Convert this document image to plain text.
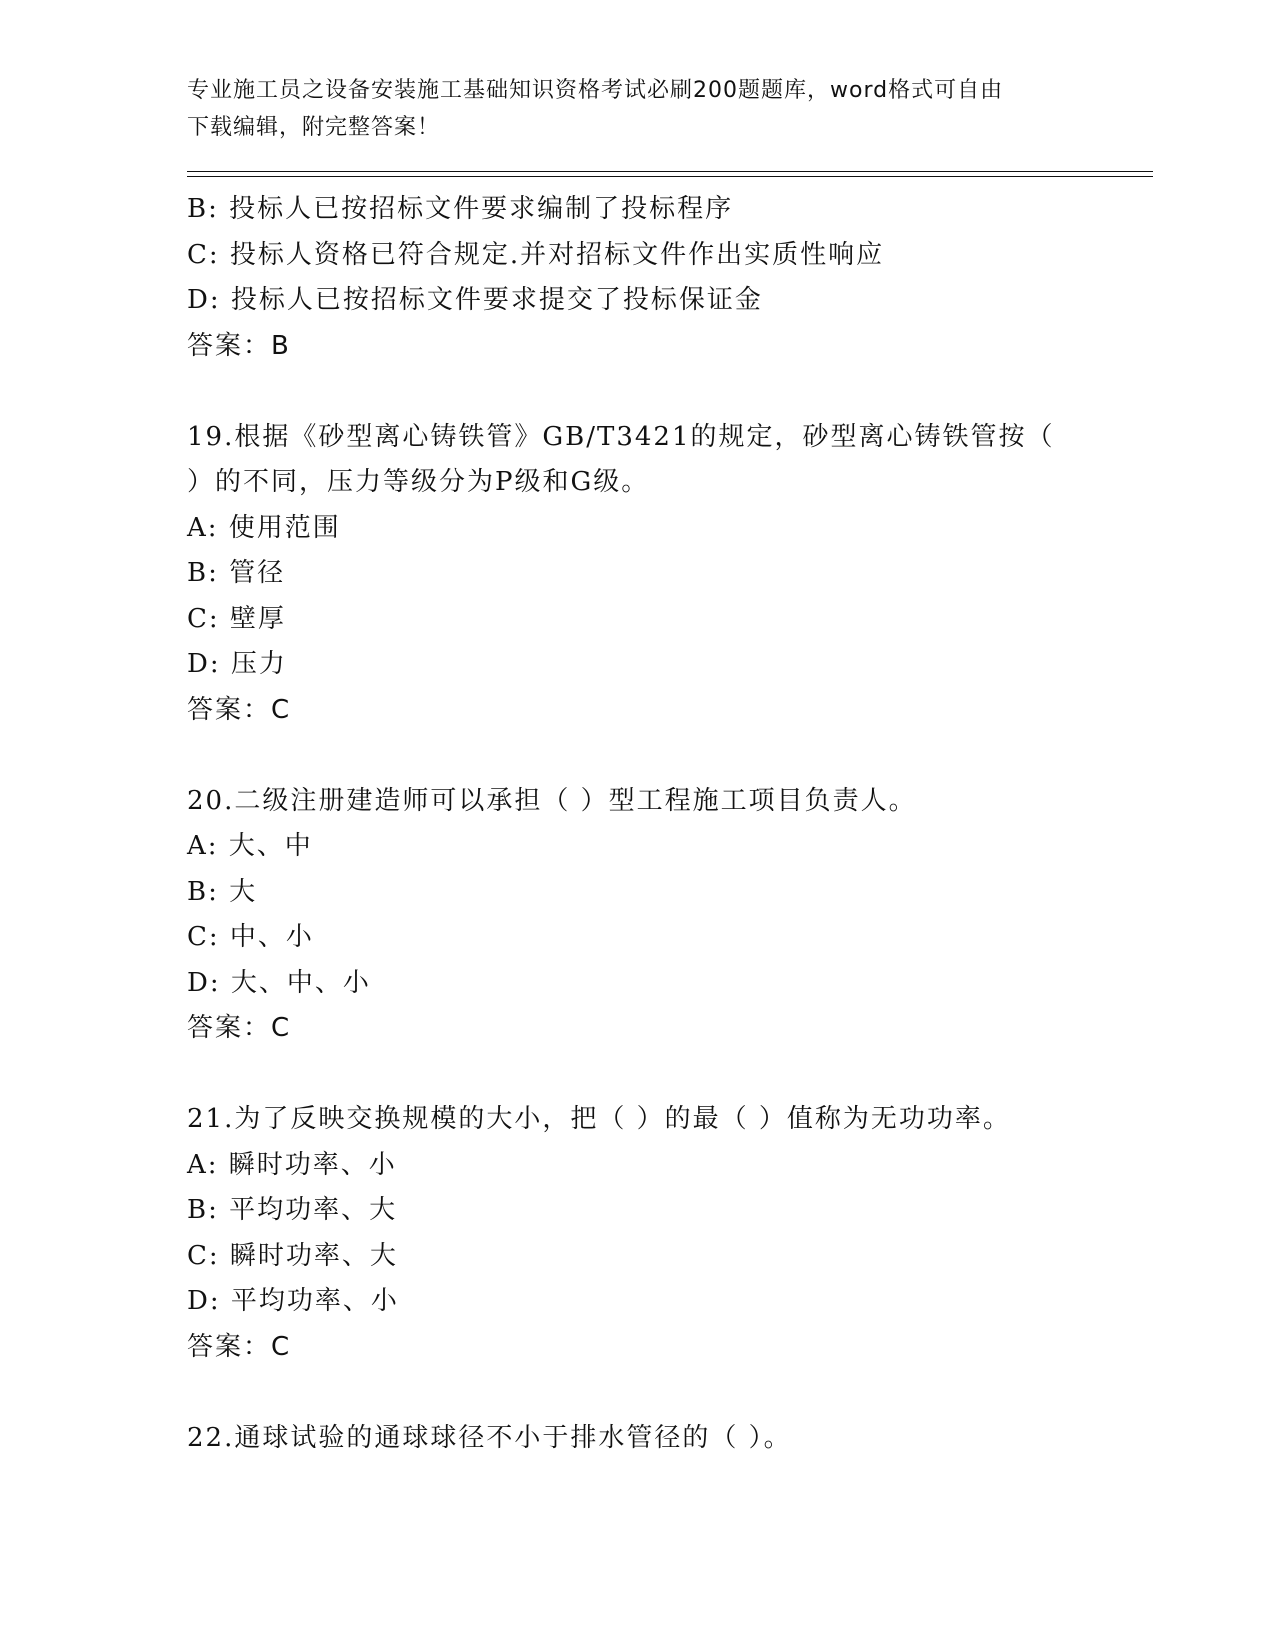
专业施工员之设备安装施工基础知识资格考试必刷200题题库，word格式可自由
下载编辑，附完整答案！
B: 投标人已按招标文件要求编制了投标程序
C: 投标人资格已符合规定.并对招标文件作出实质性响应
D: 投标人已按招标文件要求提交了投标保证金
答案：B
19.根据《砂型离心铸铁管》GB/T3421的规定，砂型离心铸铁管按（
）的不同，压力等级分为P级和G级。
A: 使用范围
B: 管径
C: 壁厚
D: 压力
答案：C
20.二级注册建造师可以承担（ ）型工程施工项目负责人。
A: 大、中
B: 大
C: 中、小
D: 大、中、小
答案：C
21.为了反映交换规模的大小，把（ ）的最（ ）值称为无功功率。
A: 瞬时功率、小
B: 平均功率、大
C: 瞬时功率、大
D: 平均功率、小
答案：C
22.通球试验的通球球径不小于排水管径的（ ）。
